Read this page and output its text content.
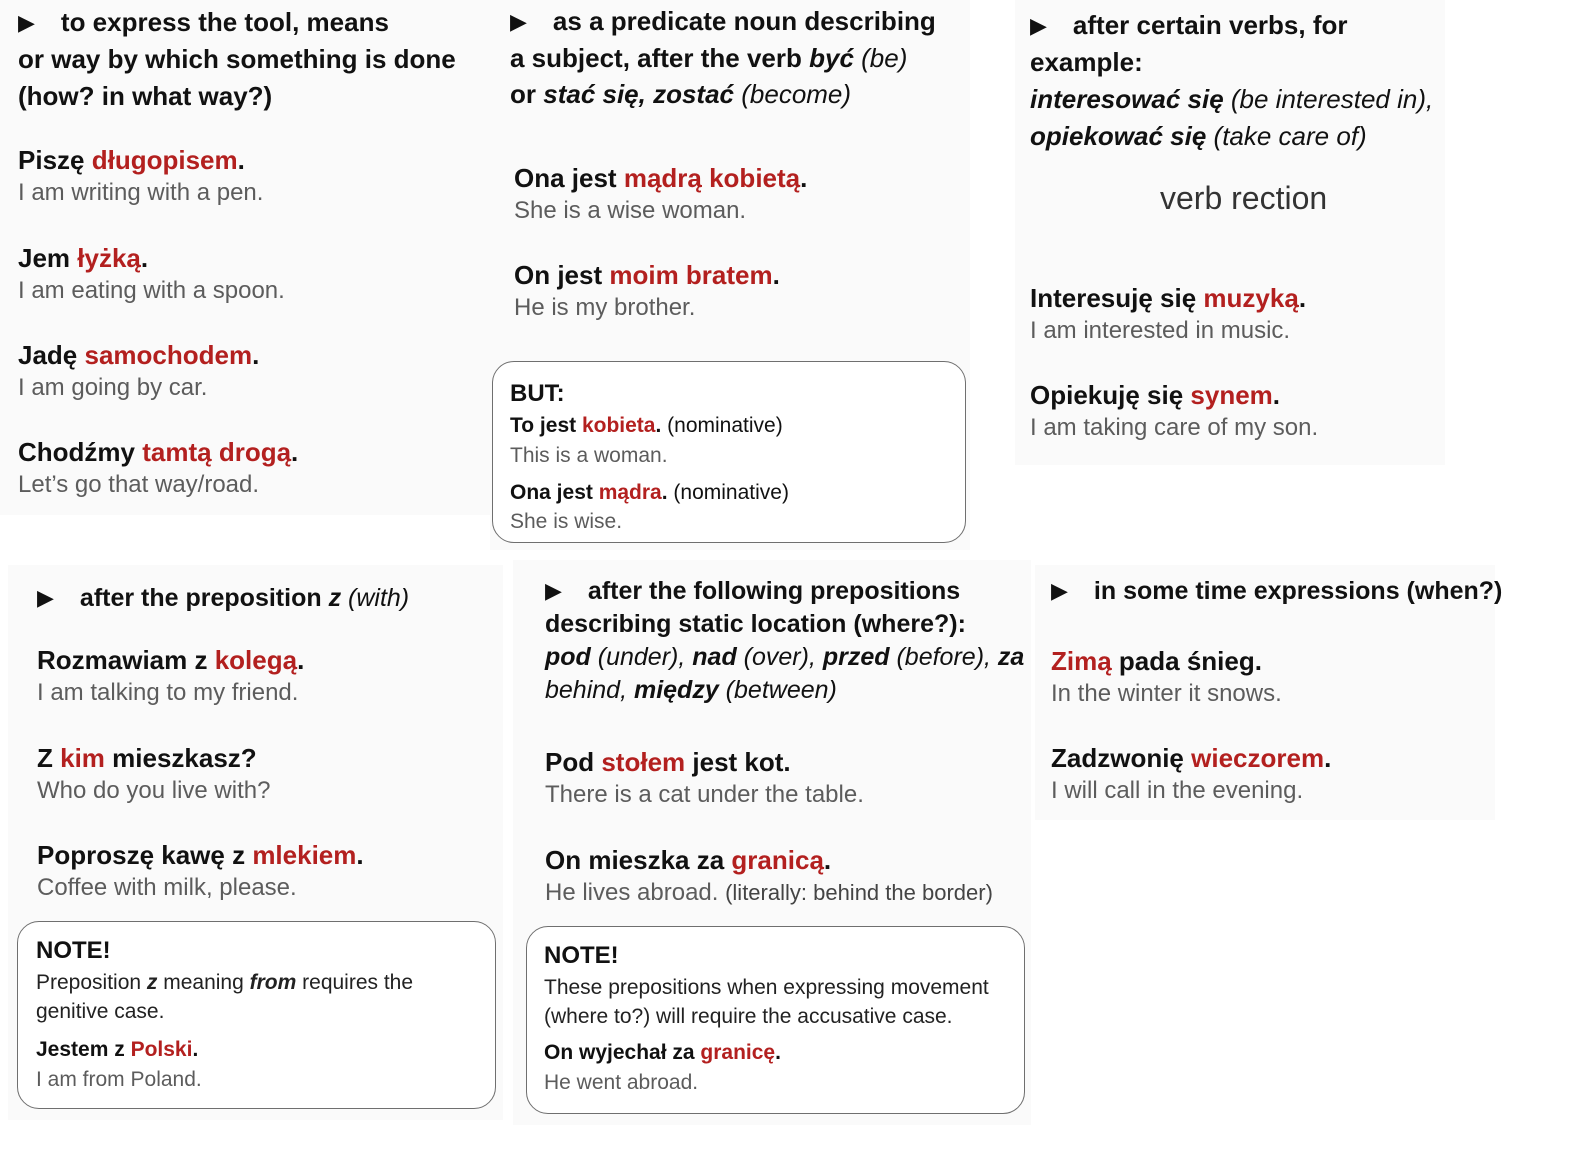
▶ to express the tool, means
or way by which something is done
(how? in what way?)
Piszę długopisem.
I am writing with a pen.
Jem łyżką.
I am eating with a spoon.
Jadę samochodem.
I am going by car.
Chodźmy tamtą drogą.
Let’s go that way/road.
▶ as a predicate noun describing
a subject, after the verb być (be)
or stać się, zostać (become)
Ona jest mądrą kobietą.
She is a wise woman.
On jest moim bratem.
He is my brother.
BUT:
To jest kobieta. (nominative)
This is a woman.
Ona jest mądra. (nominative)
She is wise.
▶ after certain verbs, for
example:
interesować się (be interested in),
opiekować się (take care of)
verb rection
Interesuję się muzyką.
I am interested in music.
Opiekuję się synem.
I am taking care of my son.
▶ after the preposition z (with)
Rozmawiam z kolegą.
I am talking to my friend.
Z kim mieszkasz?
Who do you live with?
Poproszę kawę z mlekiem.
Coffee with milk, please.
NOTE!
Preposition z meaning from requires the
genitive case.
Jestem z Polski.
I am from Poland.
▶ after the following prepositions
describing static location (where?):
pod (under), nad (over), przed (before), za
behind, między (between)
Pod stołem jest kot.
There is a cat under the table.
On mieszka za granicą.
He lives abroad. (literally: behind the border)
NOTE!
These prepositions when expressing movement
(where to?) will require the accusative case.
On wyjechał za granicę.
He went abroad.
▶ in some time expressions (when?)
Zimą pada śnieg.
In the winter it snows.
Zadzwonię wieczorem.
I will call in the evening.
